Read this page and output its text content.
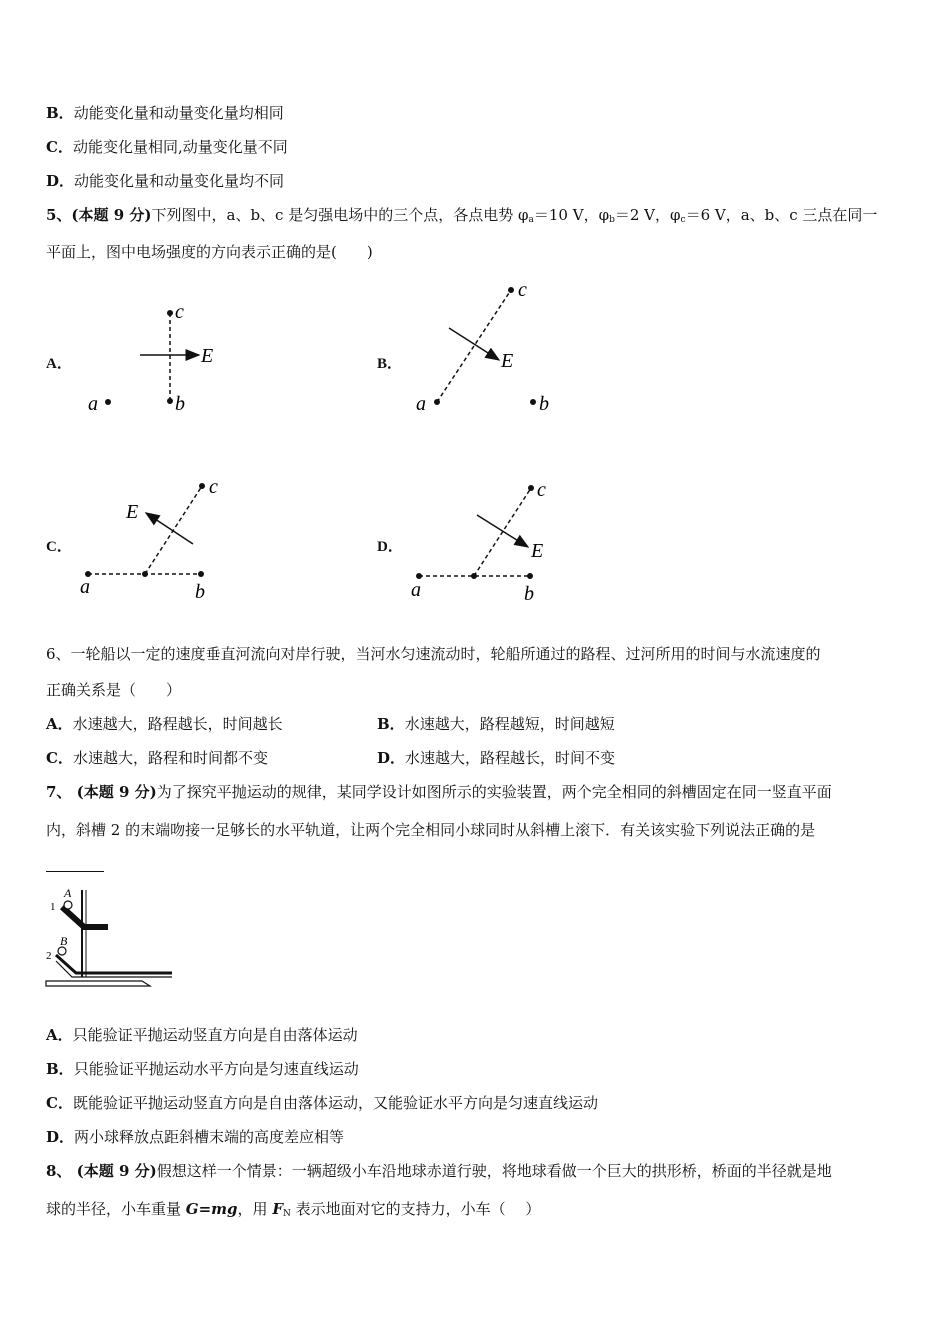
B．动能变化量和动量变化量均相同
C．动能变化量相同,动量变化量不同
D．动能变化量和动量变化量均不同
5、(本题 9 分)下列图中，a、b、c 是匀强电场中的三个点，各点电势 $\varphi_a=10$ V，$\varphi_b=2$ V，$\varphi_c=6$ V，a、b、c 三点在同一
平面上，图中电场强度的方向表示正确的是(　　)
A．	B．
C．	D．
c
b
a
E
c
a	b
E
c
a	b
E
c
a	b
E
6、一轮船以一定的速度垂直河流向对岸行驶，当河水匀速流动时，轮船所通过的路程、过河所用的时间与水流速度的
正确关系是（　　）
A．水速越大，路程越长，时间越长	B．水速越大，路程越短，时间越短
C．水速越大，路程和时间都不变	D．水速越大，路程越长，时间不变
7、 (本题 9 分)为了探究平抛运动的规律，某同学设计如图所示的实验装置，两个完全相同的斜槽固定在同一竖直平面
内，斜槽 2 的末端吻接一足够长的水平轨道，让两个完全相同小球同时从斜槽上滚下．有关该实验下列说法正确的是
1
A
2
B
A．只能验证平抛运动竖直方向是自由落体运动
B．只能验证平抛运动水平方向是匀速直线运动
C．既能验证平抛运动竖直方向是自由落体运动，又能验证水平方向是匀速直线运动
D．两小球释放点距斜槽末端的高度差应相等
8、 (本题 9 分)假想这样一个情景：一辆超级小车沿地球赤道行驶，将地球看做一个巨大的拱形桥，桥面的半径就是地
球的半径，小车重量 G=mg，用 $F_N$ 表示地面对它的支持力，小车（　 ）
